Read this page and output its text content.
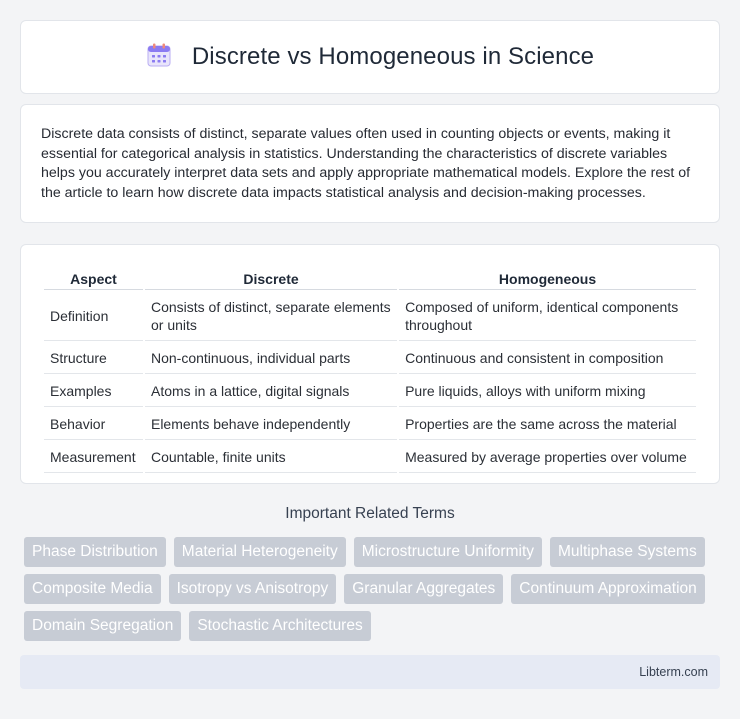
Discrete vs Homogeneous in Science

Discrete data consists of distinct, separate values often used in counting objects or events, making it essential for categorical analysis in statistics. Understanding the characteristics of discrete variables helps you accurately interpret data sets and apply appropriate mathematical models. Explore the rest of the article to learn how discrete data impacts statistical analysis and decision-making processes.

Aspect	Discrete	Homogeneous
Definition	Consists of distinct, separate elements or units	Composed of uniform, identical components throughout
Structure	Non-continuous, individual parts	Continuous and consistent in composition
Examples	Atoms in a lattice, digital signals	Pure liquids, alloys with uniform mixing
Behavior	Elements behave independently	Properties are the same across the material
Measurement	Countable, finite units	Measured by average properties over volume
Important Related Terms
Phase Distribution	Material Heterogeneity	Microstructure Uniformity	Multiphase Systems
Composite Media	Isotropy vs Anisotropy	Granular Aggregates	Continuum Approximation
Domain Segregation	Stochastic Architectures
Libterm.com
